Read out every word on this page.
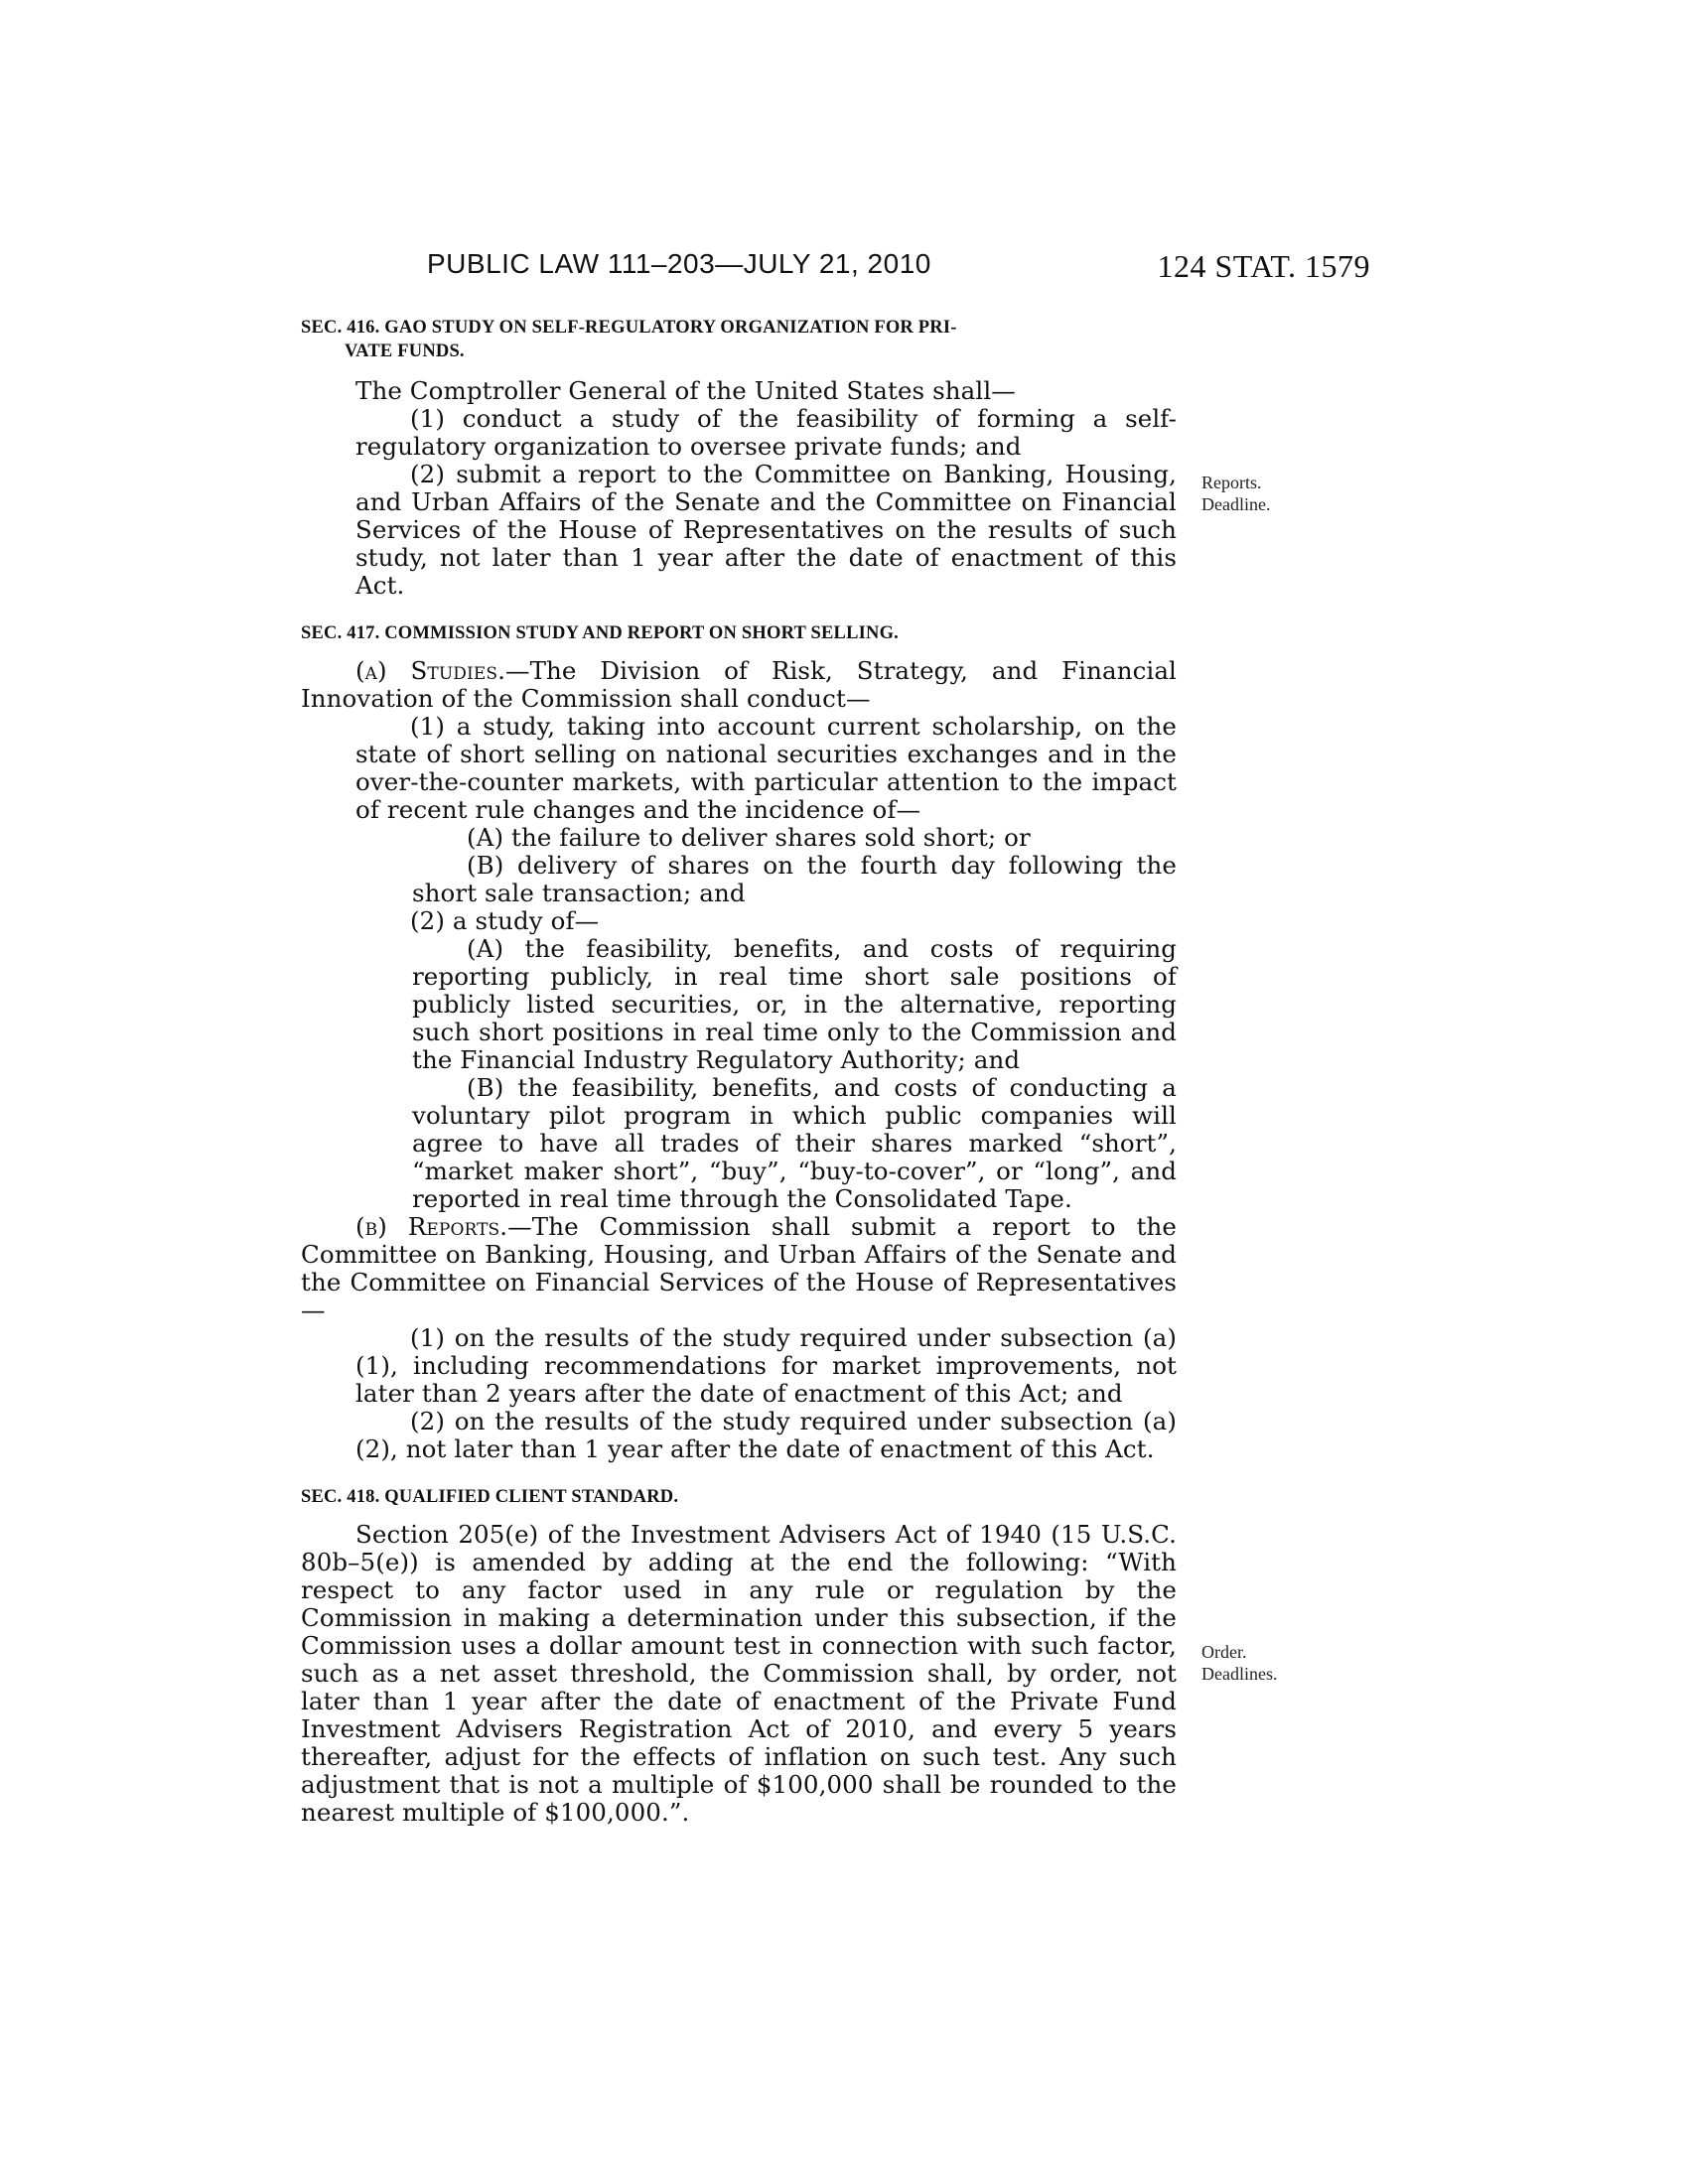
PUBLIC LAW 111–203—JULY 21, 2010	124 STAT. 1579
Reports.
Deadline.
Order.
Deadlines.
SEC. 416. GAO STUDY ON SELF-REGULATORY ORGANIZATION FOR PRI-
VATE FUNDS.

The Comptroller General of the United States shall—

(1) conduct a study of the feasibility of forming a self-regulatory organization to oversee private funds; and

(2) submit a report to the Committee on Banking, Housing, and Urban Affairs of the Senate and the Committee on Financial Services of the House of Representatives on the results of such study, not later than 1 year after the date of enactment of this Act.

SEC. 417. COMMISSION STUDY AND REPORT ON SHORT SELLING.

(a) Studies.—The Division of Risk, Strategy, and Financial Innovation of the Commission shall conduct—

(1) a study, taking into account current scholarship, on the state of short selling on national securities exchanges and in the over-the-counter markets, with particular attention to the impact of recent rule changes and the incidence of—

(A) the failure to deliver shares sold short; or

(B) delivery of shares on the fourth day following the short sale transaction; and

(2) a study of—

(A) the feasibility, benefits, and costs of requiring reporting publicly, in real time short sale positions of publicly listed securities, or, in the alternative, reporting such short positions in real time only to the Commission and the Financial Industry Regulatory Authority; and

(B) the feasibility, benefits, and costs of conducting a voluntary pilot program in which public companies will agree to have all trades of their shares marked “short”, “market maker short”, “buy”, “buy-to-cover”, or “long”, and reported in real time through the Consolidated Tape.

(b) Reports.—The Commission shall submit a report to the Committee on Banking, Housing, and Urban Affairs of the Senate and the Committee on Financial Services of the House of Representatives—

(1) on the results of the study required under subsection (a)(1), including recommendations for market improvements, not later than 2 years after the date of enactment of this Act; and

(2) on the results of the study required under subsection (a)(2), not later than 1 year after the date of enactment of this Act.

SEC. 418. QUALIFIED CLIENT STANDARD.

Section 205(e) of the Investment Advisers Act of 1940 (15 U.S.C. 80b–5(e)) is amended by adding at the end the following: “With respect to any factor used in any rule or regulation by the Commission in making a determination under this subsection, if the Commission uses a dollar amount test in connection with such factor, such as a net asset threshold, the Commission shall, by order, not later than 1 year after the date of enactment of the Private Fund Investment Advisers Registration Act of 2010, and every 5 years thereafter, adjust for the effects of inflation on such test. Any such adjustment that is not a multiple of $100,000 shall be rounded to the nearest multiple of $100,000.”.
